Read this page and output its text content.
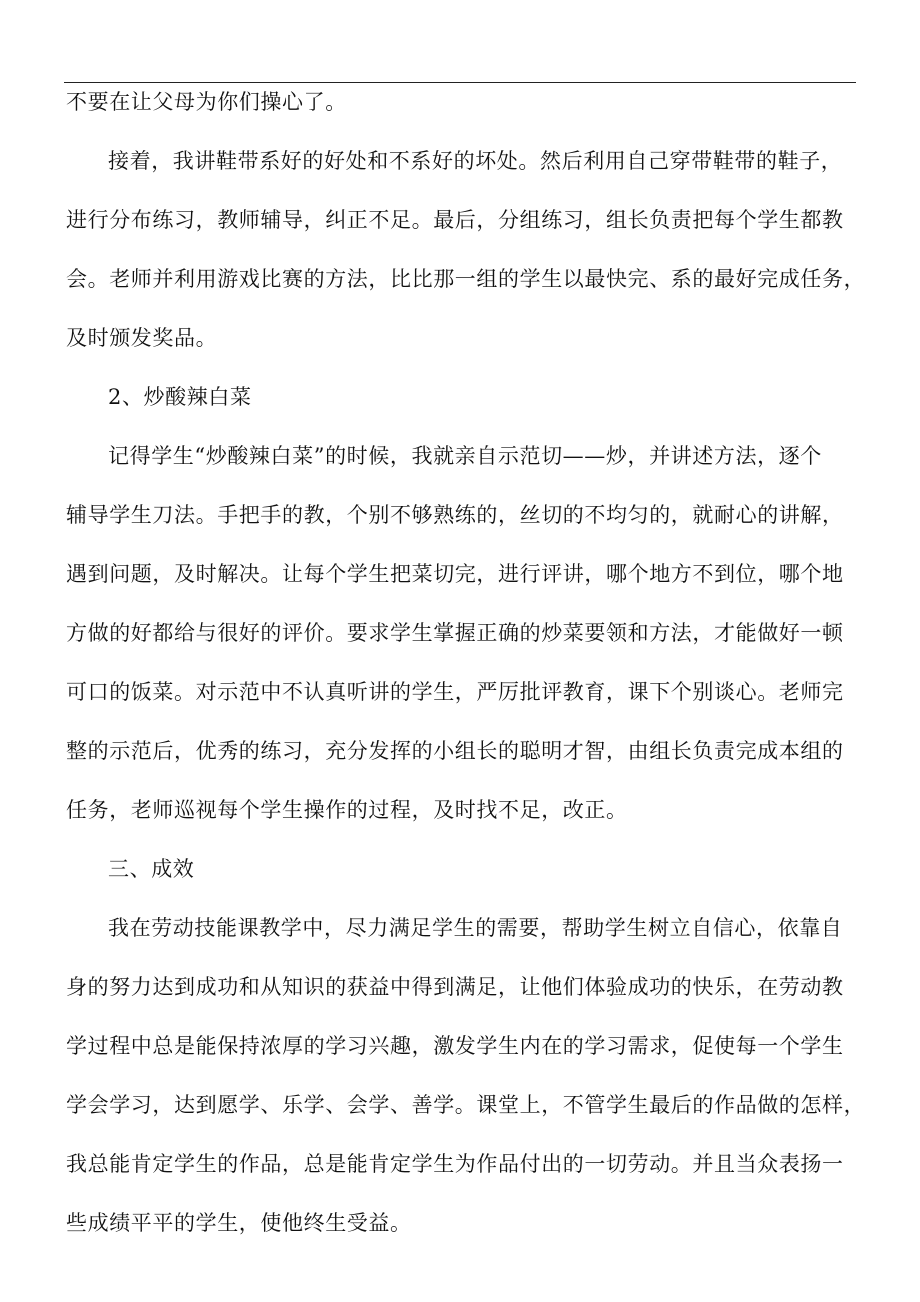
不要在让父母为你们操心了。
接着，我讲鞋带系好的好处和不系好的坏处。然后利用自己穿带鞋带的鞋子，
进行分布练习，教师辅导，纠正不足。最后，分组练习，组长负责把每个学生都教
会。老师并利用游戏比赛的方法，比比那一组的学生以最快完、系的最好完成任务，
及时颁发奖品。
2、炒酸辣白菜
记得学生“炒酸辣白菜”的时候，我就亲自示范切——炒，并讲述方法，逐个
辅导学生刀法。手把手的教，个别不够熟练的，丝切的不均匀的，就耐心的讲解，
遇到问题，及时解决。让每个学生把菜切完，进行评讲，哪个地方不到位，哪个地
方做的好都给与很好的评价。要求学生掌握正确的炒菜要领和方法，才能做好一顿
可口的饭菜。对示范中不认真听讲的学生，严厉批评教育，课下个别谈心。老师完
整的示范后，优秀的练习，充分发挥的小组长的聪明才智，由组长负责完成本组的
任务，老师巡视每个学生操作的过程，及时找不足，改正。
三、成效
我在劳动技能课教学中，尽力满足学生的需要，帮助学生树立自信心，依靠自
身的努力达到成功和从知识的获益中得到满足，让他们体验成功的快乐，在劳动教
学过程中总是能保持浓厚的学习兴趣，激发学生内在的学习需求，促使每一个学生
学会学习，达到愿学、乐学、会学、善学。课堂上，不管学生最后的作品做的怎样，
我总能肯定学生的作品，总是能肯定学生为作品付出的一切劳动。并且当众表扬一
些成绩平平的学生，使他终生受益。
